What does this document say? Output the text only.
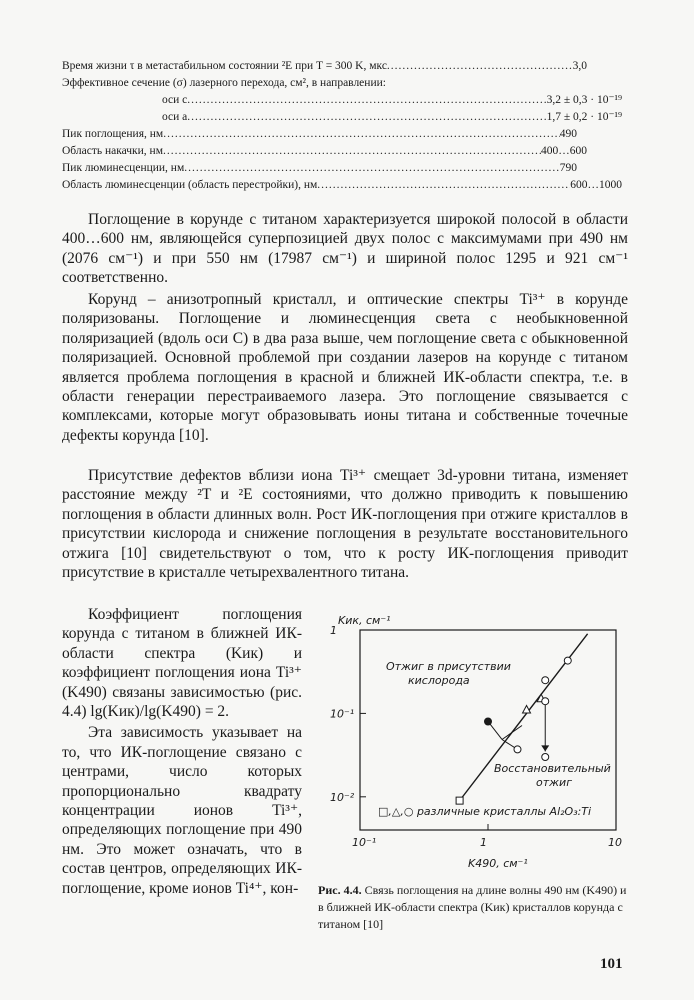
Время жизни τ в метастабильном состоянии ²E при T = 300 K, мкс .....	3,0
Эффективное сечение (σ) лазерного перехода, см², в направлении:
оси c .....	3,2 ± 0,3 · 10⁻¹⁹
оси a .....	1,7 ± 0,2 · 10⁻¹⁹
Пик поглощения, нм .....	490
Область накачки, нм .....	400…600
Пик люминесценции, нм .....	790
Область люминесценции (область перестройки), нм .....	600…1000

Поглощение в корунде с титаном характеризуется широкой полосой в области 400…600 нм, являющейся суперпозицией двух полос с максимумами при 490 нм (2076 см⁻¹) и при 550 нм (17987 см⁻¹) и шириной полос 1295 и 921 см⁻¹ соответственно.

Корунд – анизотропный кристалл, и оптические спектры Ti³⁺ в корунде поляризованы. Поглощение и люминесценция света с необыкновенной поляризацией (вдоль оси C) в два раза выше, чем поглощение света с обыкновенной поляризацией. Основной проблемой при создании лазеров на корунде с титаном является проблема поглощения в красной и ближней ИК-области спектра, т.е. в области генерации перестраиваемого лазера. Это поглощение связывается с комплексами, которые могут образовывать ионы титана и собственные точечные дефекты корунда [10].

Присутствие дефектов вблизи иона Ti³⁺ смещает 3d-уровни титана, изменяет расстояние между ²T и ²E состояниями, что должно приводить к повышению поглощения в области длинных волн. Рост ИК-поглощения при отжиге кристаллов в присутствии кислорода и снижение поглощения в результате восстановительного отжига [10] свидетельствуют о том, что к росту ИК-поглощения приводит присутствие в кристалле четырехвалентного титана.

Коэффициент поглощения корунда с титаном в ближней ИК-области спектра (Kик) и коэффициент поглощения иона Ti³⁺ (K490) связаны зависимостью (рис. 4.4) lg(Kик)/lg(K490) = 2.

Эта зависимость указывает на то, что ИК-поглощение связано с центрами, число которых пропорционально квадрату концентрации ионов Ti³⁺, определяющих поглощение при 490 нм. Это может означать, что в состав центров, определяющих ИК-поглощение, кроме ионов Ti⁴⁺, кон-

10⁻¹	1	10
10⁻²
10⁻¹
1
Kик, см⁻¹
K490, см⁻¹
Отжиг в присутствии
кислорода
Восстановительный
отжиг
□,△,○ различные кристаллы Al₂O₃:Ti
Рис. 4.4. Связь поглощения на длине волны 490 нм (K490) и в ближней ИК-области спектра (Kик) кристаллов корунда с титаном [10]
101
